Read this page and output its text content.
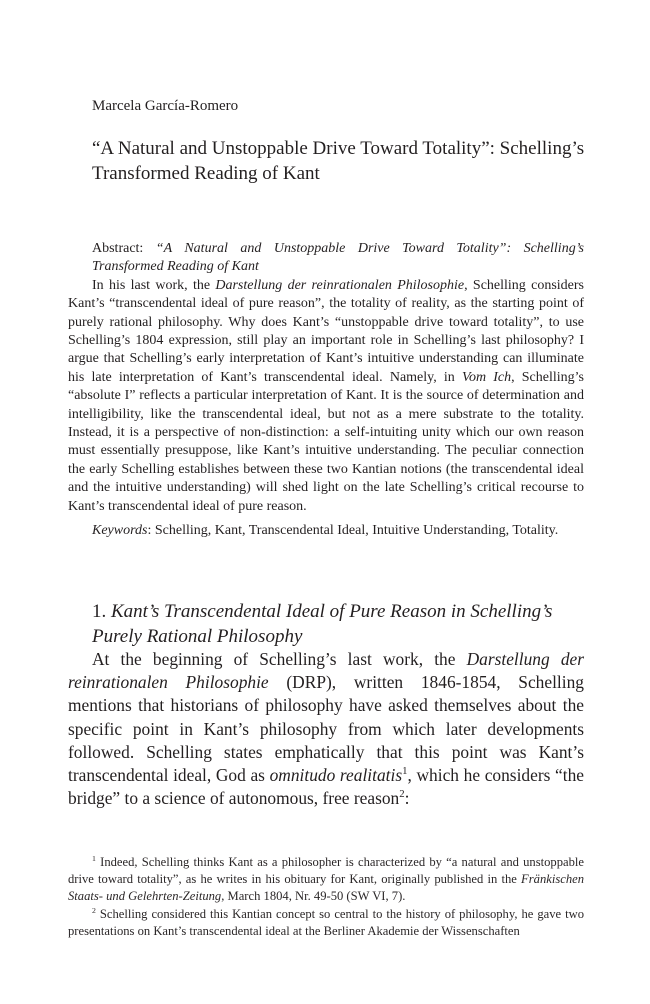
Marcela García-Romero
“A Natural and Unstoppable Drive Toward Totality”: Schelling’s Transformed Reading of Kant

Abstract: “A Natural and Unstoppable Drive Toward Totality”: Schelling’s Transformed Reading of Kant

In his last work, the Darstellung der reinrationalen Philosophie, Schelling considers Kant’s “transcendental ideal of pure reason”, the totality of reality, as the starting point of purely rational philosophy. Why does Kant’s “unstoppable drive toward totality”, to use Schelling’s 1804 expression, still play an important role in Schelling’s last philosophy? I argue that Schelling’s early interpretation of Kant’s intuitive understanding can illuminate his late interpretation of Kant’s transcendental ideal. Namely, in Vom Ich, Schelling’s “absolute I” reflects a particular interpretation of Kant. It is the source of determination and intelligibility, like the transcendental ideal, but not as a mere substrate to the totality. Instead, it is a perspective of non-distinction: a self-intuiting unity which our own reason must essentially presuppose, like Kant’s intuitive understanding. The peculiar connection the early Schelling establishes between these two Kantian notions (the transcendental ideal and the intuitive understanding) will shed light on the late Schelling’s critical recourse to Kant’s transcendental ideal of pure reason.

Keywords: Schelling, Kant, Transcendental Ideal, Intuitive Understanding, Totality.

1. Kant’s Transcendental Ideal of Pure Reason in Schelling’s Purely Rational Philosophy

At the beginning of Schelling’s last work, the Darstellung der reinrationalen Philosophie (DRP), written 1846-1854, Schelling mentions that historians of philosophy have asked themselves about the specific point in Kant’s philosophy from which later developments followed. Schelling states emphatically that this point was Kant’s transcendental ideal, God as omnitudo realitatis$^1$, which he considers “the bridge” to a science of autonomous, free reason$^2$:

$^1$ Indeed, Schelling thinks Kant as a philosopher is characterized by “a natural and unstoppable drive toward totality”, as he writes in his obituary for Kant, originally published in the Fränkischen Staats- und Gelehrten-Zeitung, March 1804, Nr. 49-50 (SW VI, 7).

$^2$ Schelling considered this Kantian concept so central to the history of philosophy, he gave two presentations on Kant’s transcendental ideal at the Berliner Akademie der Wissenschaften
